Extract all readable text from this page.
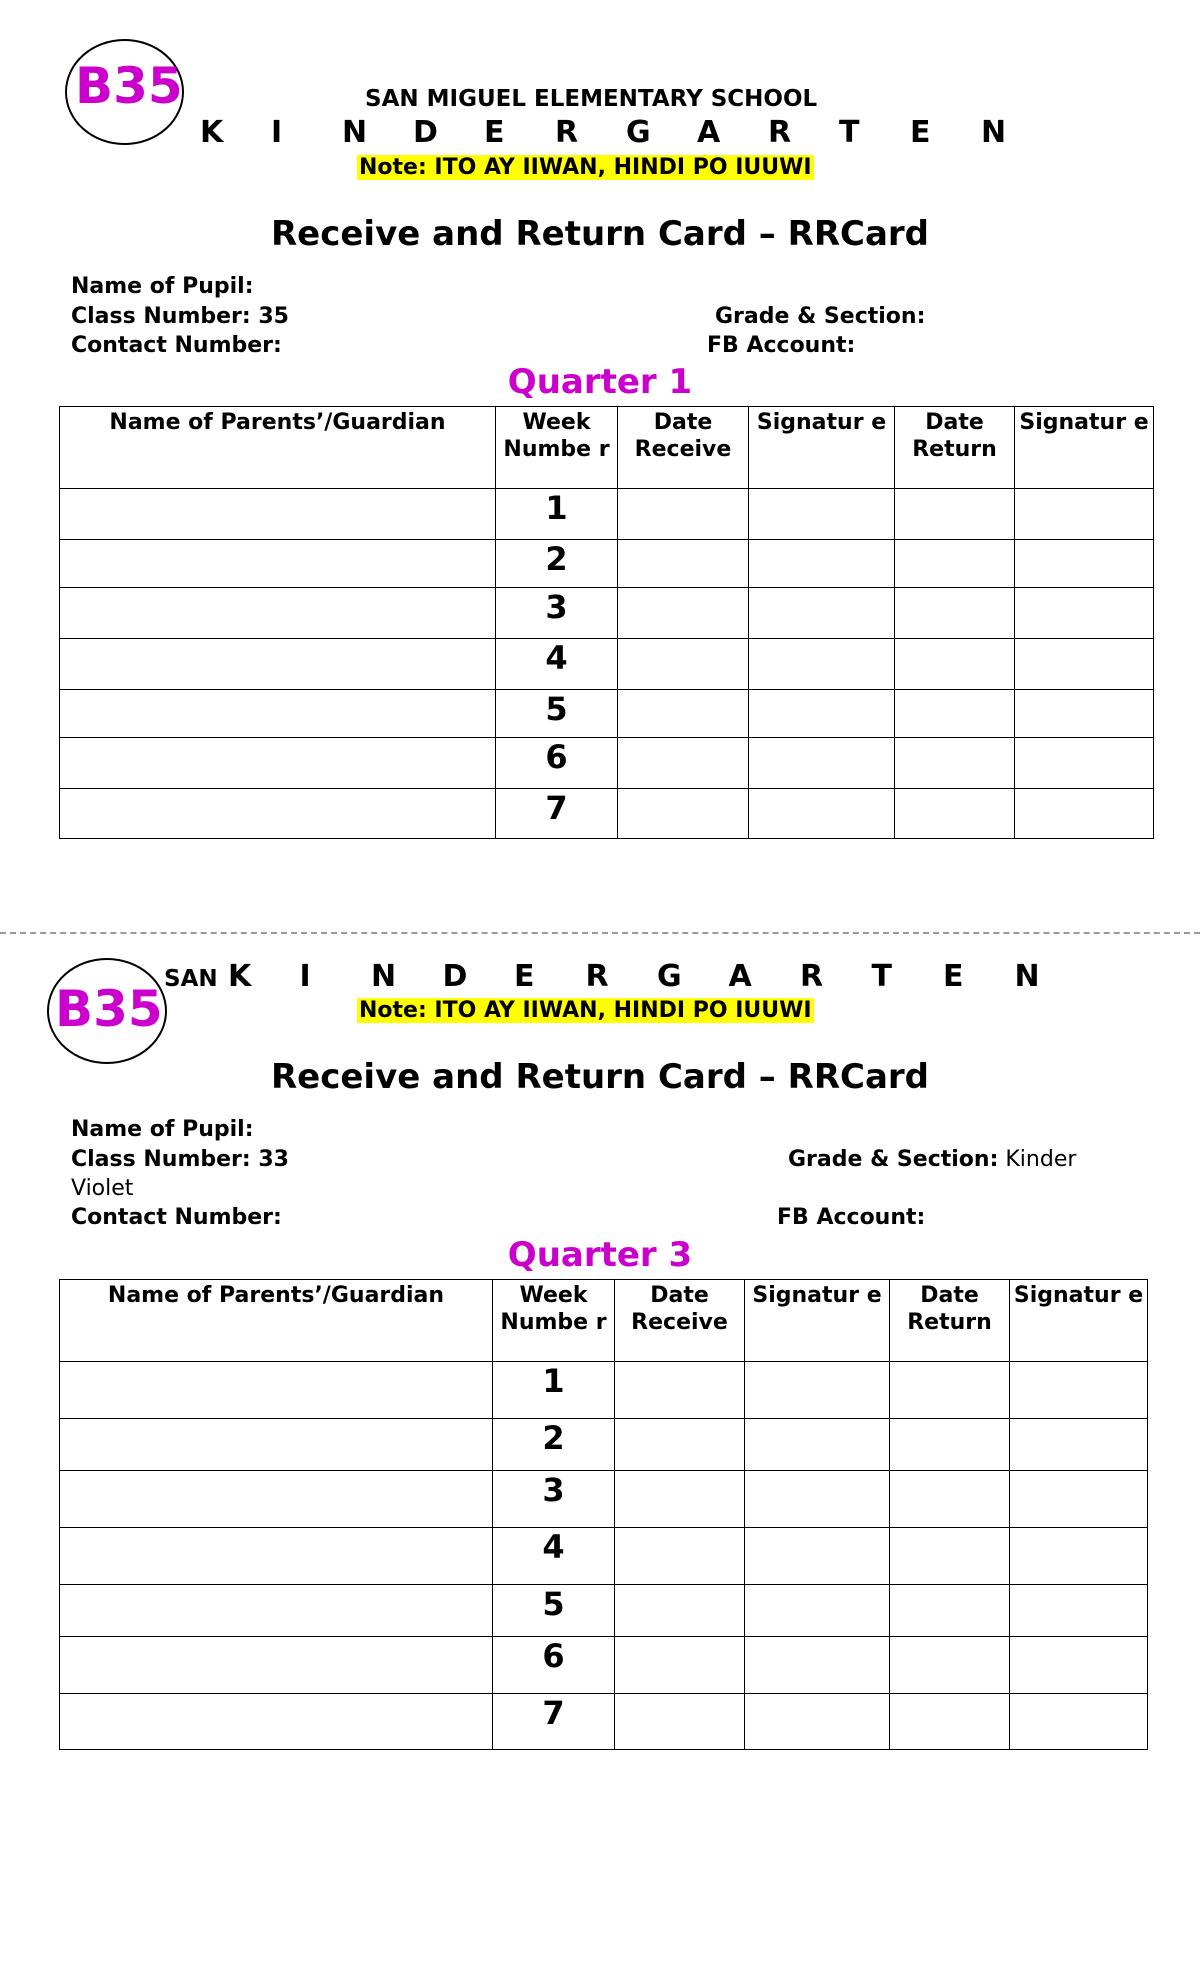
B35	SAN MIGUEL ELEMENTARY SCHOOL
K I N D E R G A R T E N
Note: ITO AY IIWAN, HINDI PO IUUWI
Receive and Return Card – RRCard
Name of Pupil:
Class Number: 35	Grade & Section:
Contact Number:	FB Account:
Quarter 1
Name of Parents’/Guardian	Week Numbe r	Date Receive	Signatur e	Date Return	Signatur e
	1				
	2				
	3				
	4				
	5				
	6				
	7				
B35
SAN K I N D E R G A R T E N
Note: ITO AY IIWAN, HINDI PO IUUWI
Receive and Return Card – RRCard
Name of Pupil:
Class Number: 33	Grade & Section: Kinder
Violet
Contact Number:	FB Account:
Quarter 3
Name of Parents’/Guardian	Week Numbe r	Date Receive	Signatur e	Date Return	Signatur e
	1				
	2				
	3				
	4				
	5				
	6				
	7				
